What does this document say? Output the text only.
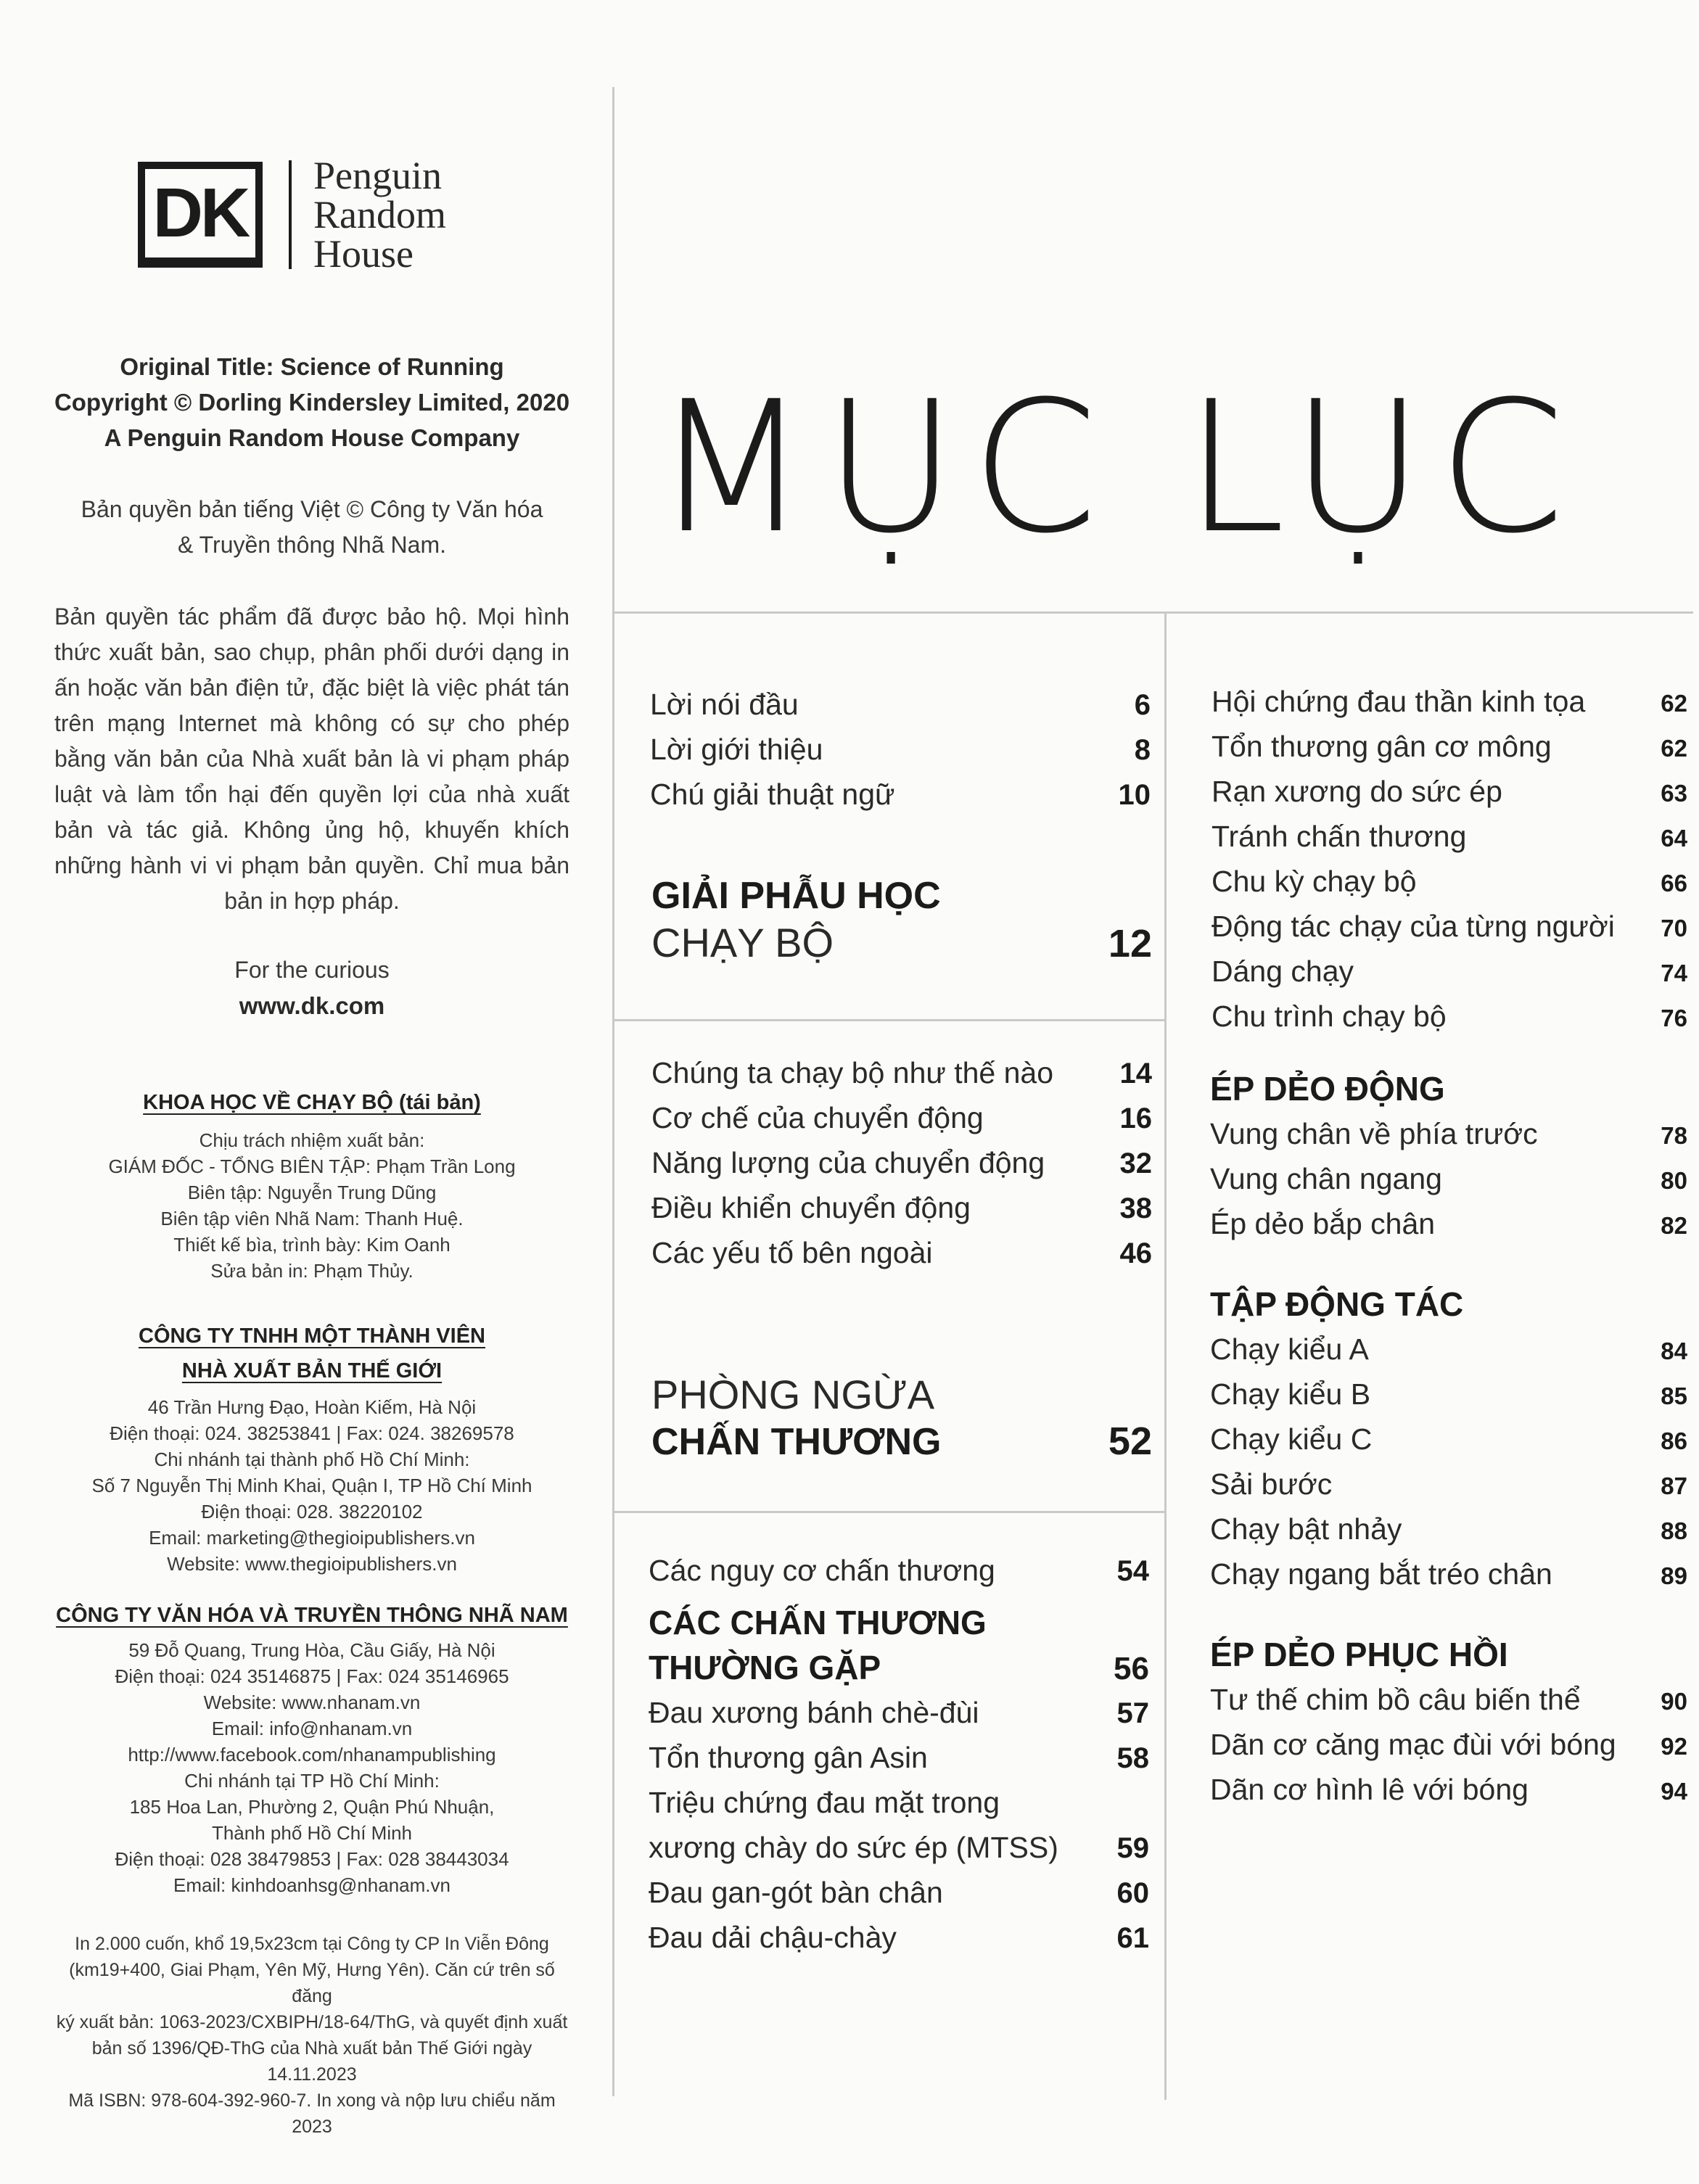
DK Penguin
Random
House
Original Title: Science of Running
Copyright © Dorling Kindersley Limited, 2020
A Penguin Random House Company
Bản quyền bản tiếng Việt © Công ty Văn hóa
& Truyền thông Nhã Nam.
Bản quyền tác phẩm đã được bảo hộ. Mọi hình thức xuất bản, sao chụp, phân phối dưới dạng in ấn hoặc văn bản điện tử, đặc biệt là việc phát tán trên mạng Internet mà không có sự cho phép bằng văn bản của Nhà xuất bản là vi phạm pháp luật và làm tổn hại đến quyền lợi của nhà xuất bản và tác giả. Không ủng hộ, khuyến khích những hành vi vi phạm bản quyền. Chỉ mua bản bản in hợp pháp.
For the curious
www.dk.com
KHOA HỌC VỀ CHẠY BỘ (tái bản)
Chịu trách nhiệm xuất bản:
GIÁM ĐỐC - TỔNG BIÊN TẬP: Phạm Trần Long
Biên tập: Nguyễn Trung Dũng
Biên tập viên Nhã Nam: Thanh Huệ.
Thiết kế bìa, trình bày: Kim Oanh
Sửa bản in: Phạm Thủy.
CÔNG TY TNHH MỘT THÀNH VIÊN
NHÀ XUẤT BẢN THẾ GIỚI
46 Trần Hưng Đạo, Hoàn Kiếm, Hà Nội
Điện thoại: 024. 38253841 | Fax: 024. 38269578
Chi nhánh tại thành phố Hồ Chí Minh:
Số 7 Nguyễn Thị Minh Khai, Quận I, TP Hồ Chí Minh
Điện thoại: 028. 38220102
Email: marketing@thegioipublishers.vn
Website: www.thegioipublishers.vn
CÔNG TY VĂN HÓA VÀ TRUYỀN THÔNG NHÃ NAM
59 Đỗ Quang, Trung Hòa, Cầu Giấy, Hà Nội
Điện thoại: 024 35146875 | Fax: 024 35146965
Website: www.nhanam.vn
Email: info@nhanam.vn
http://www.facebook.com/nhanampublishing
Chi nhánh tại TP Hồ Chí Minh:
185 Hoa Lan, Phường 2, Quận Phú Nhuận,
Thành phố Hồ Chí Minh
Điện thoại: 028 38479853 | Fax: 028 38443034
Email: kinhdoanhsg@nhanam.vn
In 2.000 cuốn, khổ 19,5x23cm tại Công ty CP In Viễn Đông
(km19+400, Giai Phạm, Yên Mỹ, Hưng Yên). Căn cứ trên số đăng
ký xuất bản: 1063-2023/CXBIPH/18-64/ThG, và quyết định xuất
bản số 1396/QĐ-ThG của Nhà xuất bản Thế Giới ngày 14.11.2023
Mã ISBN: 978-604-392-960-7. In xong và nộp lưu chiểu năm
2023
MỤC LỤC
Lời nói đầu	6
Lời giới thiệu	8
Chú giải thuật ngữ	10
GIẢI PHẪU HỌC
CHẠY BỘ	12
Chúng ta chạy bộ như thế nào 14
Cơ chế của chuyển động	16
Năng lượng của chuyển động	32
Điều khiển chuyển động	38
Các yếu tố bên ngoài	46
PHÒNG NGỪA
CHẤN THƯƠNG	52
Các nguy cơ chấn thương	54
CÁC CHẤN THƯƠNG
THƯỜNG GẶP	56
Đau xương bánh chè-đùi	57
Tổn thương gân Asin	58
Triệu chứng đau mặt trong
xương chày do sức ép (MTSS) 59
Đau gan-gót bàn chân	60
Đau dải chậu-chày	61
Hội chứng đau thần kinh tọa	62
Tổn thương gân cơ mông	62
Rạn xương do sức ép	63
Tránh chấn thương	64
Chu kỳ chạy bộ	66
Động tác chạy của từng người 70
Dáng chạy	74
Chu trình chạy bộ	76
ÉP DẺO ĐỘNG
Vung chân về phía trước	78
Vung chân ngang	80
Ép dẻo bắp chân	82
TẬP ĐỘNG TÁC
Chạy kiểu A	84
Chạy kiểu B	85
Chạy kiểu C	86
Sải bước	87
Chạy bật nhảy	88
Chạy ngang bắt tréo chân	89
ÉP DẺO PHỤC HỒI
Tư thế chim bồ câu biến thể	90
Dãn cơ căng mạc đùi với bóng 92
Dãn cơ hình lê với bóng	94
